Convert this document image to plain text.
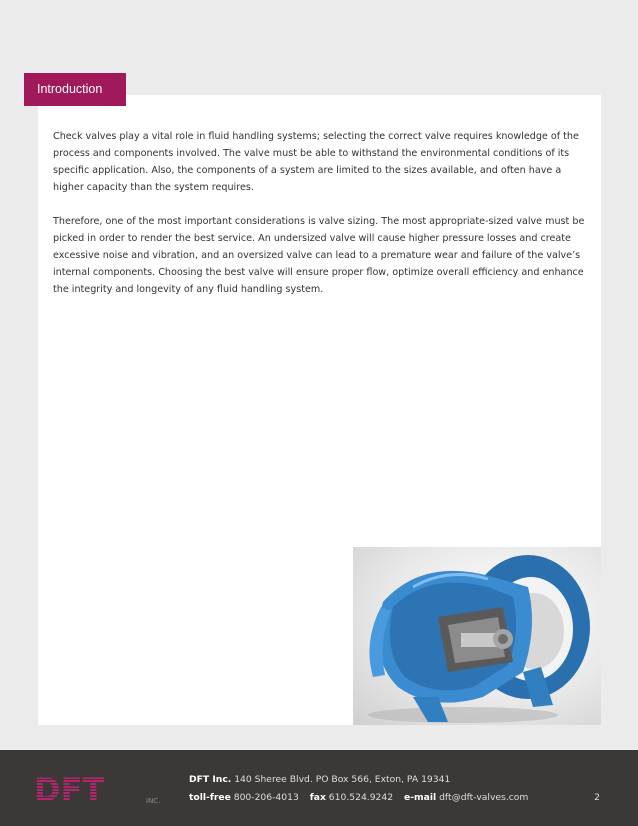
Introduction

Check valves play a vital role in fluid handling systems; selecting the correct valve requires knowledge of the process and components involved. The valve must be able to withstand the environmental conditions of its specific application. Also, the components of a system are limited to the sizes available, and often have a higher capacity than the system requires.

Therefore, one of the most important considerations is valve sizing. The most appropriate-sized valve must be picked in order to render the best service. An undersized valve will cause higher pressure losses and create excessive noise and vibration, and an oversized valve can lead to a premature wear and failure of the valve’s internal components. Choosing the best valve will ensure proper flow, optimize overall efficiency and enhance the integrity and longevity of any fluid handling system.

DFT	INC.
DFT Inc. 140 Sheree Blvd. PO Box 566, Exton, PA 19341
toll-free 800-206-4013 fax 610.524.9242 e-mail dft@dft-valves.com	2
